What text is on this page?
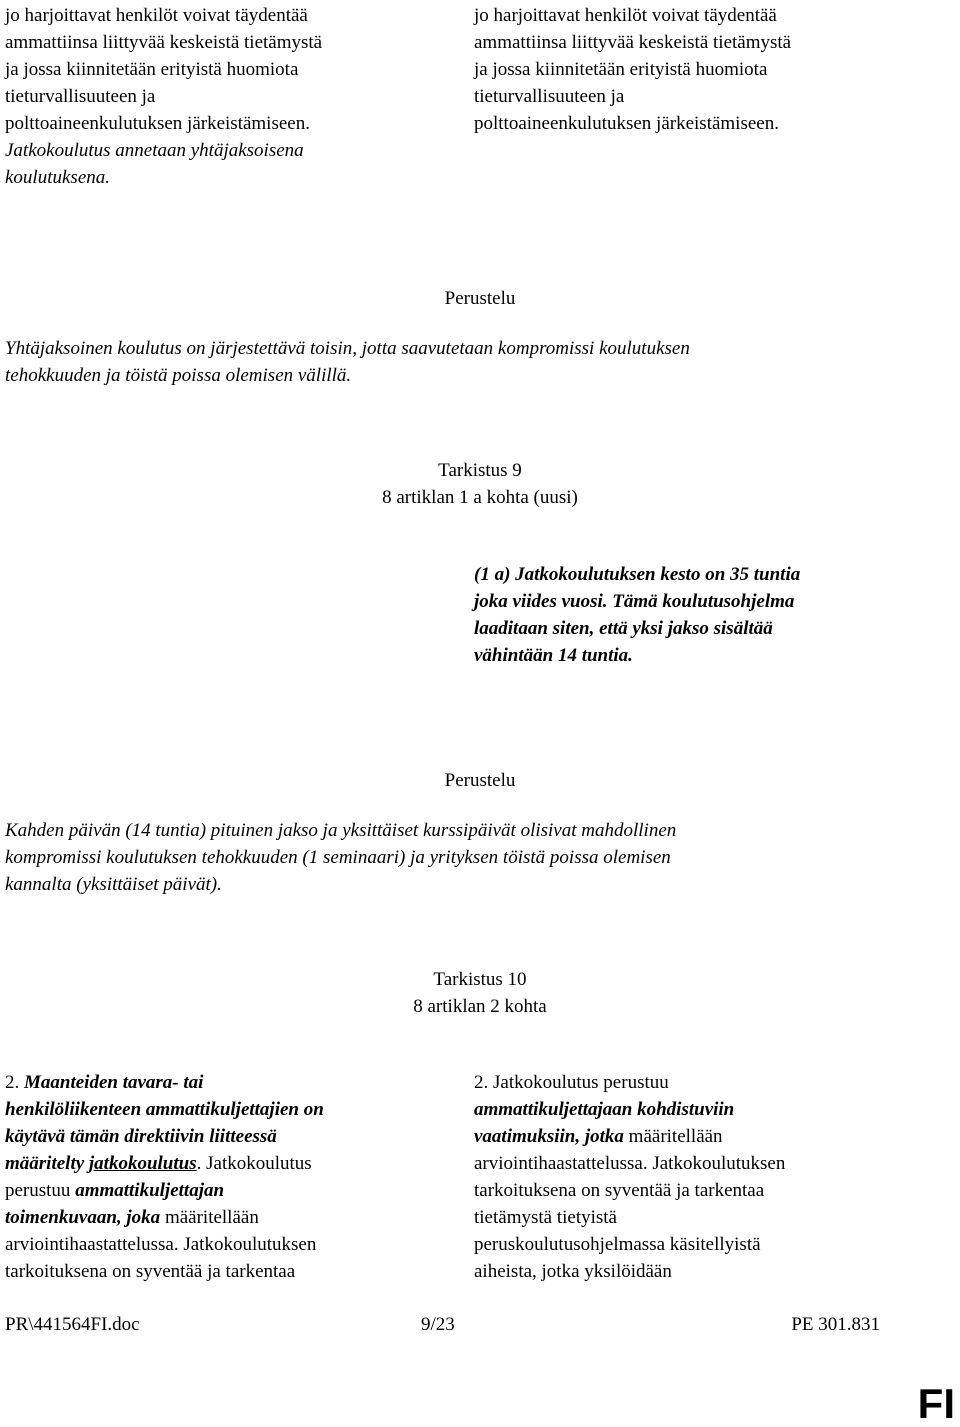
jo harjoittavat henkilöt voivat täydentää

ammattiinsa liittyvää keskeistä tietämystä

ja jossa kiinnitetään erityistä huomiota

tieturvallisuuteen ja

polttoaineenkulutuksen järkeistämiseen.

Jatkokoulutus annetaan yhtäjaksoisena

koulutuksena.

jo harjoittavat henkilöt voivat täydentää

ammattiinsa liittyvää keskeistä tietämystä

ja jossa kiinnitetään erityistä huomiota

tieturvallisuuteen ja

polttoaineenkulutuksen järkeistämiseen.

Perustelu

Yhtäjaksoinen koulutus on järjestettävä toisin, jotta saavutetaan kompromissi koulutuksen

tehokkuuden ja töistä poissa olemisen välillä.

Tarkistus 9
8 artiklan 1 a kohta (uusi)

(1 a) Jatkokoulutuksen kesto on 35 tuntia

joka viides vuosi. Tämä koulutusohjelma

laaditaan siten, että yksi jakso sisältää

vähintään 14 tuntia.

Perustelu

Kahden päivän (14 tuntia) pituinen jakso ja yksittäiset kurssipäivät olisivat mahdollinen

kompromissi koulutuksen tehokkuuden (1 seminaari) ja yrityksen töistä poissa olemisen

kannalta (yksittäiset päivät).

Tarkistus 10
8 artiklan 2 kohta

2. Maanteiden tavara- tai

henkilöliikenteen ammattikuljettajien on

käytävä tämän direktiivin liitteessä

määritelty jatkokoulutus. Jatkokoulutus

perustuu ammattikuljettajan

toimenkuvaan, joka määritellään

arviointihaastattelussa. Jatkokoulutuksen

tarkoituksena on syventää ja tarkentaa

2. Jatkokoulutus perustuu

ammattikuljettajaan kohdistuviin

vaatimuksiin, jotka määritellään

arviointihaastattelussa. Jatkokoulutuksen

tarkoituksena on syventää ja tarkentaa

tietämystä tietyistä

peruskoulutusohjelmassa käsitellyistä

aiheista, jotka yksilöidään

PR\441564FI.doc	9/23	PE 301.831
FI
